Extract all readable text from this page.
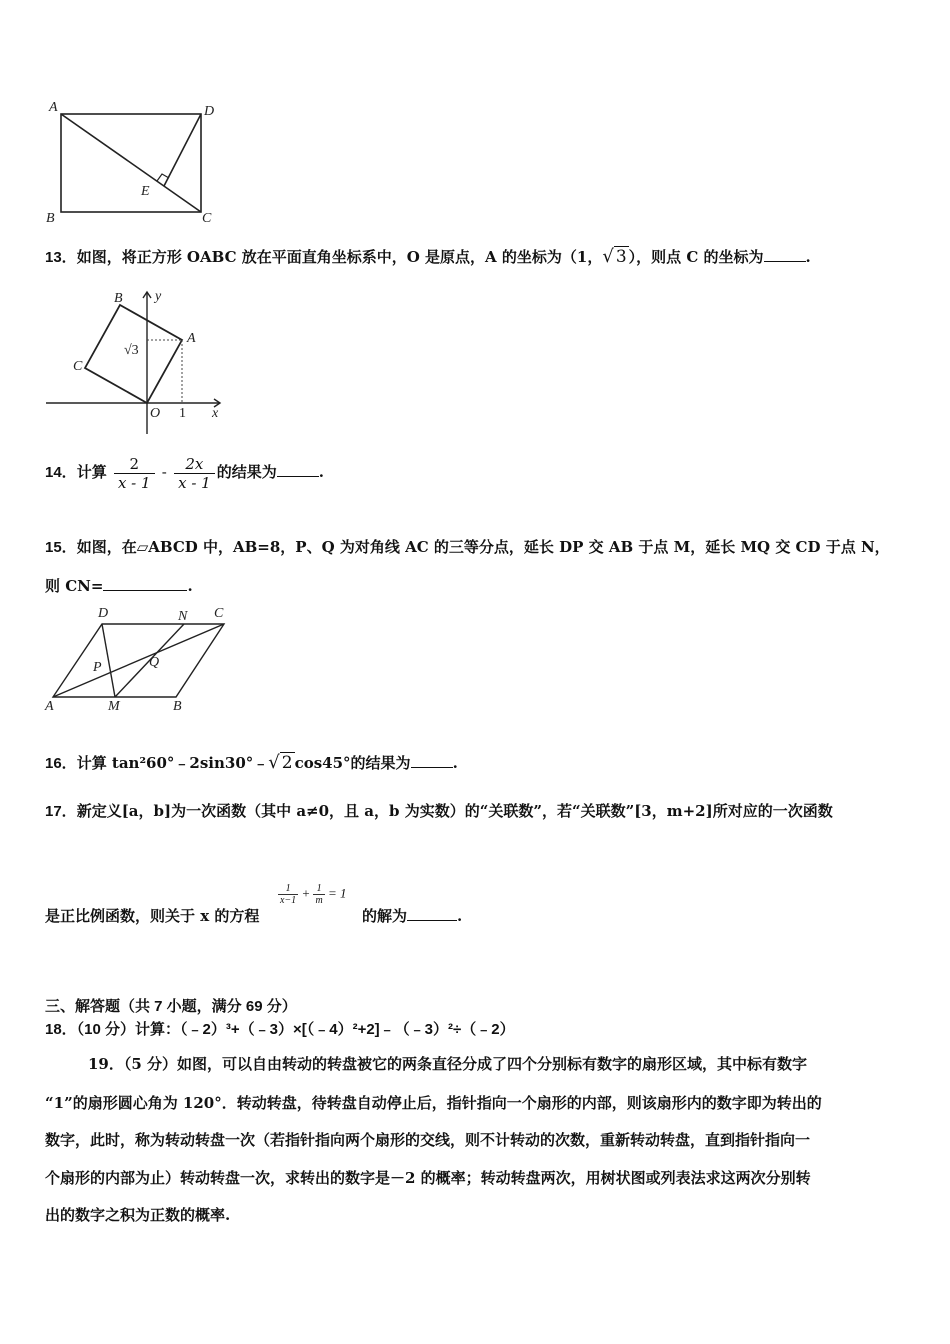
A	D
B	C
E
13．如图，将正方形 OABC 放在平面直角坐标系中，O 是原点，A 的坐标为（1，√ 3 ），则点 C 的坐标为	.
B y
A
C
√3
O 1 x
14．计算 $\frac{2}{x - 1} - \frac{2x}{x - 1}$ 的结果为	.
15．如图，在▱ABCD 中，AB=8，P、Q 为对角线 AC 的三等分点，延长 DP 交 AB 于点 M，延长 MQ 交 CD 于点 N，
则 CN=	.
D	N C
P	Q
A	M	B
16．计算 tan²60°﹣2sin30°﹣√ 2 cos45°的结果为	.
17．新定义[a，b]为一次函数（其中 a≠0，且 a，b 为实数）的“关联数”，若“关联数”[3，m+2]所对应的一次函数
是正比例函数，则关于 x 的方程
$\frac{1}{x-1} + \frac{1}{m} = 1$
的解为	.
三、解答题（共 7 小题，满分 69 分）
18．（10 分）计算：（﹣2）³+（﹣3）×[（﹣4）²+2]﹣（﹣3）²÷（﹣2）
19．（5 分）如图，可以自由转动的转盘被它的两条直径分成了四个分别标有数字的扇形区域，其中标有数字
“1”的扇形圆心角为 120°．转动转盘，待转盘自动停止后，指针指向一个扇形的内部，则该扇形内的数字即为转出的
数字，此时，称为转动转盘一次（若指针指向两个扇形的交线，则不计转动的次数，重新转动转盘，直到指针指向一
个扇形的内部为止）转动转盘一次，求转出的数字是－2 的概率；转动转盘两次，用树状图或列表法求这两次分别转
出的数字之积为正数的概率.
